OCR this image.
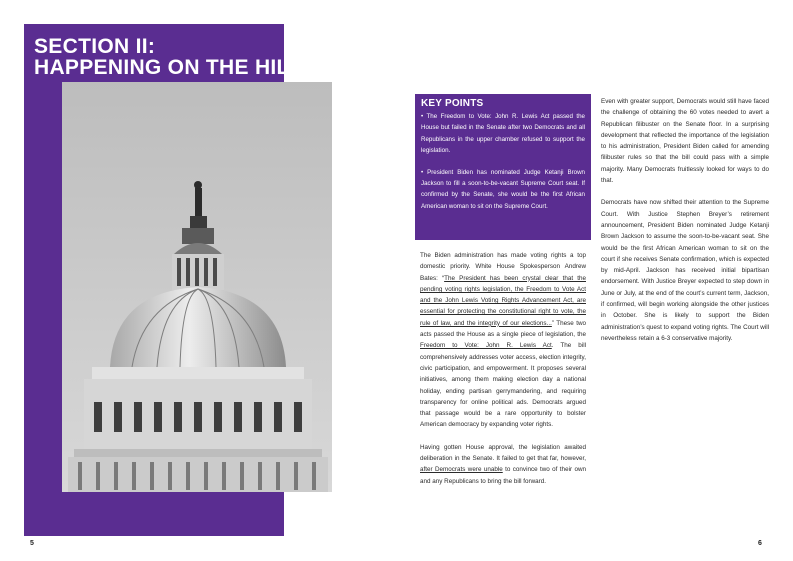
SECTION II:
HAPPENING ON THE HILL
KEY POINTS

• The Freedom to Vote: John R. Lewis Act passed the House but failed in the Senate after two Democrats and all Republicans in the upper chamber refused to support the legislation.

• President Biden has nominated Judge Ketanji Brown Jackson to fill a soon-to-be-vacant Supreme Court seat. If confirmed by the Senate, she would be the first African American woman to sit on the Supreme Court.

The Biden administration has made voting rights a top domestic priority. White House Spokesperson Andrew Bates: “The President has been crystal clear that the pending voting rights legislation, the Freedom to Vote Act and the John Lewis Voting Rights Advancement Act, are essential for protecting the constitutional right to vote, the rule of law, and the integrity of our elections...” These two acts passed the House as a single piece of legislation, the Freedom to Vote: John R. Lewis Act. The bill comprehensively addresses voter access, election integrity, civic participation, and empowerment. It proposes several initiatives, among them making election day a national holiday, ending partisan gerrymandering, and requiring transparency for online political ads. Democrats argued that passage would be a rare opportunity to bolster American democracy by expanding voter rights.

Having gotten House approval, the legislation awaited deliberation in the Senate. It failed to get that far, however, after Democrats were unable to convince two of their own and any Republicans to bring the bill forward.

Even with greater support, Democrats would still have faced the challenge of obtaining the 60 votes needed to avert a Republican filibuster on the Senate floor. In a surprising development that reflected the importance of the legislation to his administration, President Biden called for amending filibuster rules so that the bill could pass with a simple majority. Many Democrats fruitlessly looked for ways to do that.

Democrats have now shifted their attention to the Supreme Court. With Justice Stephen Breyer’s retirement announcement, President Biden nominated Judge Ketanji Brown Jackson to assume the soon-to-be-vacant seat. She would be the first African American woman to sit on the court if she receives Senate confirmation, which is expected by mid-April. Jackson has received initial bipartisan endorsement. With Justice Breyer expected to step down in June or July, at the end of the court’s current term, Jackson, if confirmed, will begin working alongside the other justices in October. She is likely to support the Biden administration’s quest to expand voting rights. The Court will nevertheless retain a 6-3 conservative majority.

5	6
